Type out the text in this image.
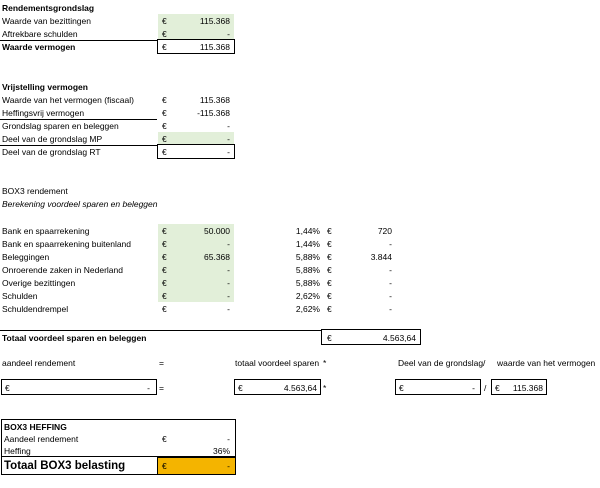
Rendementsgrondslag
Waarde van bezittingen	€	115.368
Aftrekbare schulden	€	-
Waarde vermogen	€	115.368
Vrijstelling vermogen
Waarde van het vermogen (fiscaal)	€	115.368
Heffingsvrij vermogen	€	-115.368
Grondslag sparen en beleggen	€	-
Deel van de grondslag MP	€	-
Deel van de grondslag RT	€	-
BOX3 rendement
Berekening voordeel sparen en beleggen
Bank en spaarrekening	€	50.000	1,44% €	720
Bank en spaarrekening buitenland	€	-	1,44% €	-
Beleggingen	€	65.368	5,88% €	3.844
Onroerende zaken in Nederland	€	-	5,88% €	-
Overige bezittingen	€	-	5,88% €	-
Schulden	€	-	2,62% €	-
Schuldendrempel	€	-	2,62% €	-
Totaal voordeel sparen en beleggen	€	4.563,64
aandeel rendement	=	totaal voordeel sparen *	Deel van de grondslag / waarde van het vermogen
€	- =	€	4.563,64 *	€	- / €	115.368
BOX3 HEFFING
Aandeel rendement	€	-
Heffing	36%
Totaal BOX3 belasting	€	-
